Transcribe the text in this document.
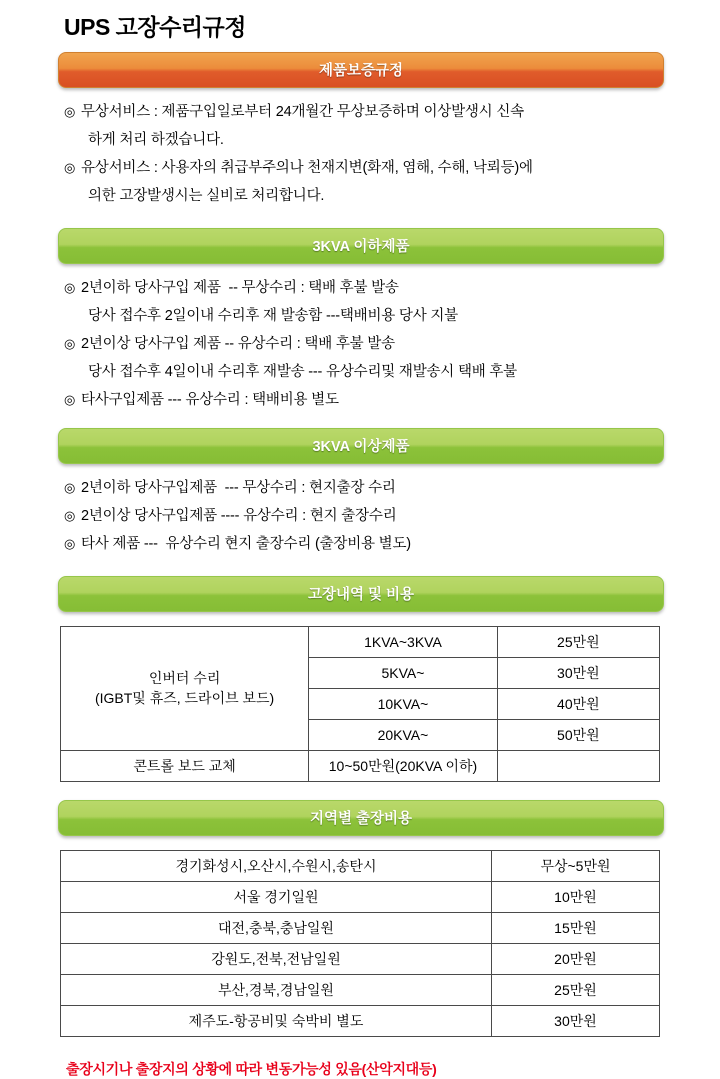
UPS 고장수리규정
제품보증규정
◎ 무상서비스 : 제품구입일로부터 24개월간 무상보증하며 이상발생시 신속
하게 처리 하겠습니다.
◎ 유상서비스 : 사용자의 취급부주의나 천재지변(화재, 염해, 수해, 낙뢰등)에
의한 고장발생시는 실비로 처리합니다.
3KVA 이하제품
◎ 2년이하 당사구입 제품  -- 무상수리 : 택배 후불 발송
당사 접수후 2일이내 수리후 재 발송함 ---택배비용 당사 지불
◎ 2년이상 당사구입 제품 -- 유상수리 : 택배 후불 발송
당사 접수후 4일이내 수리후 재발송 --- 유상수리및 재발송시 택배 후불
◎ 타사구입제품 --- 유상수리 : 택배비용 별도
3KVA 이상제품
◎ 2년이하 당사구입제품  --- 무상수리 : 현지출장 수리
◎ 2년이상 당사구입제품 ---- 유상수리 : 현지 출장수리
◎ 타사 제품 ---  유상수리 현지 출장수리 (출장비용 별도)
고장내역 및 비용
인버터 수리
(IGBT및 휴즈, 드라이브 보드)	1KVA~3KVA	25만원
	5KVA~	30만원
	10KVA~	40만원
	20KVA~	50만원
콘트롤 보드 교체	10~50만원(20KVA 이하)	
지역별 출장비용
경기화성시,오산시,수원시,송탄시	무상~5만원
서울 경기일원	10만원
대전,충북,충남일원	15만원
강원도,전북,전남일원	20만원
부산,경북,경남일원	25만원
제주도-항공비및 숙박비 별도	30만원
출장시기나 출장지의 상황에 따라 변동가능성 있음(산악지대등)
